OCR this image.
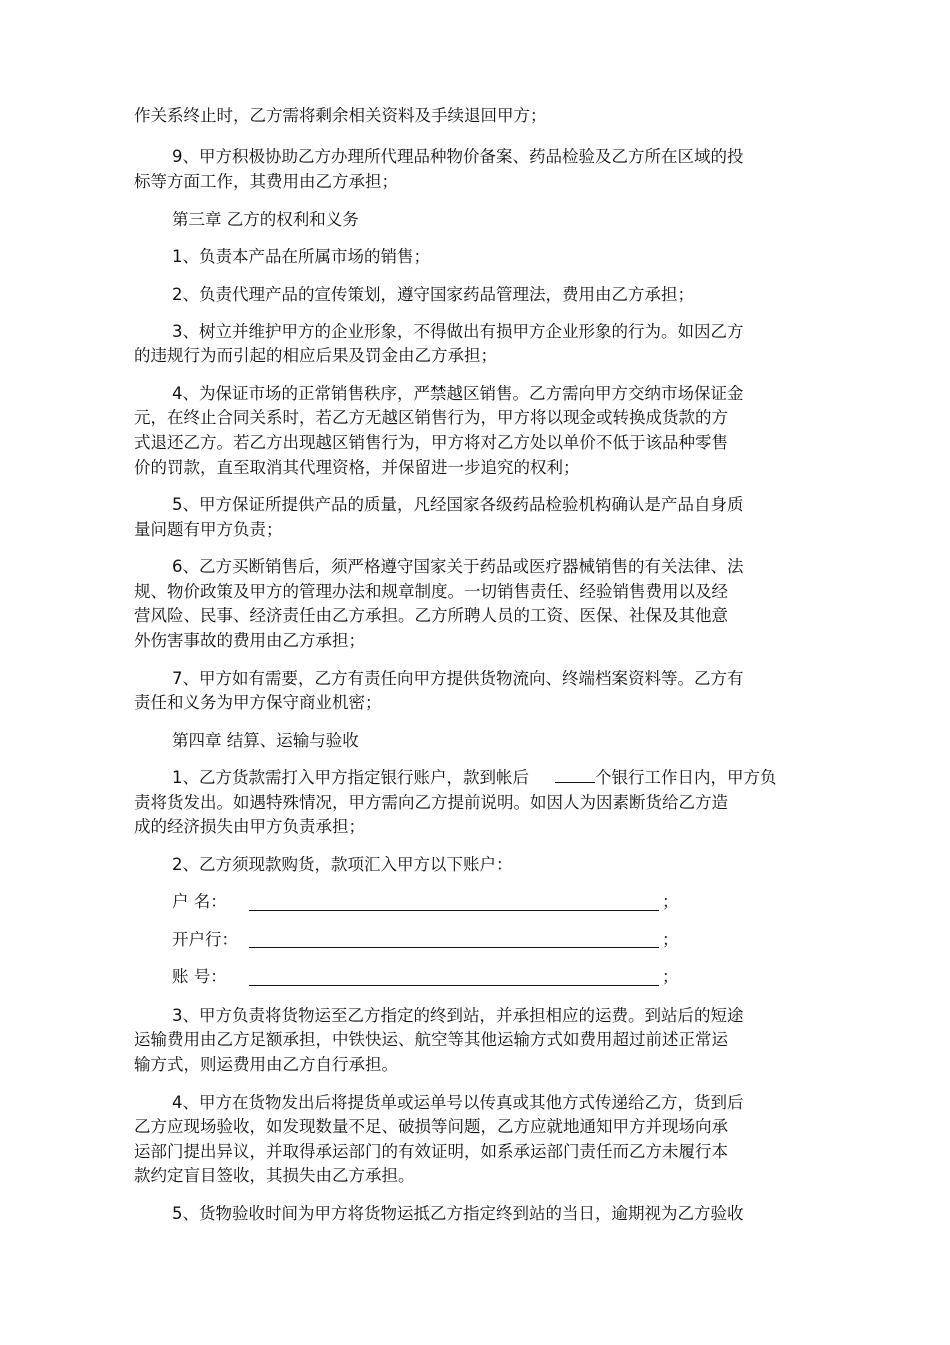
作关系终止时，乙方需将剩余相关资料及手续退回甲方；
9、甲方积极协助乙方办理所代理品种物价备案、药品检验及乙方所在区域的投
标等方面工作，其费用由乙方承担；
第三章 乙方的权利和义务
1、负责本产品在所属市场的销售；
2、负责代理产品的宣传策划，遵守国家药品管理法，费用由乙方承担；
3、树立并维护甲方的企业形象，不得做出有损甲方企业形象的行为。如因乙方
的违规行为而引起的相应后果及罚金由乙方承担；
4、为保证市场的正常销售秩序，严禁越区销售。乙方需向甲方交纳市场保证金
元，在终止合同关系时，若乙方无越区销售行为，甲方将以现金或转换成货款的方
式退还乙方。若乙方出现越区销售行为，甲方将对乙方处以单价不低于该品种零售
价的罚款，直至取消其代理资格，并保留进一步追究的权利；
5、甲方保证所提供产品的质量，凡经国家各级药品检验机构确认是产品自身质
量问题有甲方负责；
6、乙方买断销售后，须严格遵守国家关于药品或医疗器械销售的有关法律、法
规、物价政策及甲方的管理办法和规章制度。一切销售责任、经验销售费用以及经
营风险、民事、经济责任由乙方承担。乙方所聘人员的工资、医保、社保及其他意
外伤害事故的费用由乙方承担；
7、甲方如有需要，乙方有责任向甲方提供货物流向、终端档案资料等。乙方有
责任和义务为甲方保守商业机密；
第四章 结算、运输与验收
1、乙方货款需打入甲方指定银行账户，款到帐后	个银行工作日内，甲方负
责将货发出。如遇特殊情况，甲方需向乙方提前说明。如因人为因素断货给乙方造
成的经济损失由甲方负责承担；
2、乙方须现款购货，款项汇入甲方以下账户：
户 名：	；
开户行：	；
账 号：	；
3、甲方负责将货物运至乙方指定的终到站，并承担相应的运费。到站后的短途
运输费用由乙方足额承担，中铁快运、航空等其他运输方式如费用超过前述正常运
输方式，则运费用由乙方自行承担。
4、甲方在货物发出后将提货单或运单号以传真或其他方式传递给乙方，货到后
乙方应现场验收，如发现数量不足、破损等问题，乙方应就地通知甲方并现场向承
运部门提出异议，并取得承运部门的有效证明，如系承运部门责任而乙方未履行本
款约定盲目签收，其损失由乙方承担。
5、货物验收时间为甲方将货物运抵乙方指定终到站的当日，逾期视为乙方验收
